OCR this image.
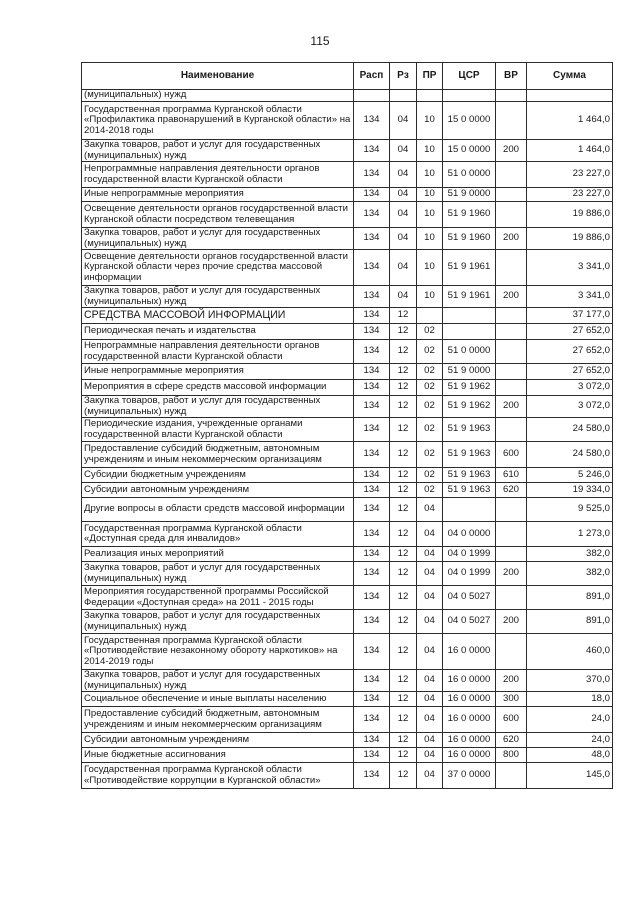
115
Наименование	Расп	Рз	ПР	ЦСР	ВР	Сумма
(муниципальных) нужд						
Государственная программа Курганской области «Профилактика правонарушений в Курганской области» на 2014-2018 годы	134	04	10	15 0 0000		1 464,0
Закупка товаров, работ и услуг для государственных (муниципальных) нужд	134	04	10	15 0 0000	200	1 464,0
Непрограммные направления деятельности органов государственной власти Курганской области	134	04	10	51 0 0000		23 227,0
Иные непрограммные мероприятия	134	04	10	51 9 0000		23 227,0
Освещение деятельности органов государственной власти Курганской области посредством телевещания	134	04	10	51 9 1960		19 886,0
Закупка товаров, работ и услуг для государственных (муниципальных) нужд	134	04	10	51 9 1960	200	19 886,0
Освещение деятельности органов государственной власти Курганской области через прочие средства массовой информации	134	04	10	51 9 1961		3 341,0
Закупка товаров, работ и услуг для государственных (муниципальных) нужд	134	04	10	51 9 1961	200	3 341,0
СРЕДСТВА МАССОВОЙ ИНФОРМАЦИИ	134	12				37 177,0
Периодическая печать и издательства	134	12	02			27 652,0
Непрограммные направления деятельности органов государственной власти Курганской области	134	12	02	51 0 0000		27 652,0
Иные непрограммные мероприятия	134	12	02	51 9 0000		27 652,0
Мероприятия в сфере средств массовой информации	134	12	02	51 9 1962		3 072,0
Закупка товаров, работ и услуг для государственных (муниципальных) нужд	134	12	02	51 9 1962	200	3 072,0
Периодические издания, учрежденные органами государственной власти Курганской области	134	12	02	51 9 1963		24 580,0
Предоставление субсидий бюджетным, автономным учреждениям и иным некоммерческим организациям	134	12	02	51 9 1963	600	24 580,0
Субсидии бюджетным учреждениям	134	12	02	51 9 1963	610	5 246,0
Субсидии автономным учреждениям	134	12	02	51 9 1963	620	19 334,0
Другие вопросы в области средств массовой информации	134	12	04			9 525,0
Государственная программа Курганской области «Доступная среда для инвалидов»	134	12	04	04 0 0000		1 273,0
Реализация иных мероприятий	134	12	04	04 0 1999		382,0
Закупка товаров, работ и услуг для государственных (муниципальных) нужд	134	12	04	04 0 1999	200	382,0
Мероприятия государственной программы Российской Федерации «Доступная среда» на 2011 - 2015 годы	134	12	04	04 0 5027		891,0
Закупка товаров, работ и услуг для государственных (муниципальных) нужд	134	12	04	04 0 5027	200	891,0
Государственная программа Курганской области «Противодействие незаконному обороту наркотиков» на 2014-2019 годы	134	12	04	16 0 0000		460,0
Закупка товаров, работ и услуг для государственных (муниципальных) нужд	134	12	04	16 0 0000	200	370,0
Социальное обеспечение и иные выплаты населению	134	12	04	16 0 0000	300	18,0
Предоставление субсидий бюджетным, автономным учреждениям и иным некоммерческим организациям	134	12	04	16 0 0000	600	24,0
Субсидии автономным учреждениям	134	12	04	16 0 0000	620	24,0
Иные бюджетные ассигнования	134	12	04	16 0 0000	800	48,0
Государственная программа Курганской области «Противодействие коррупции в Курганской области»	134	12	04	37 0 0000		145,0
